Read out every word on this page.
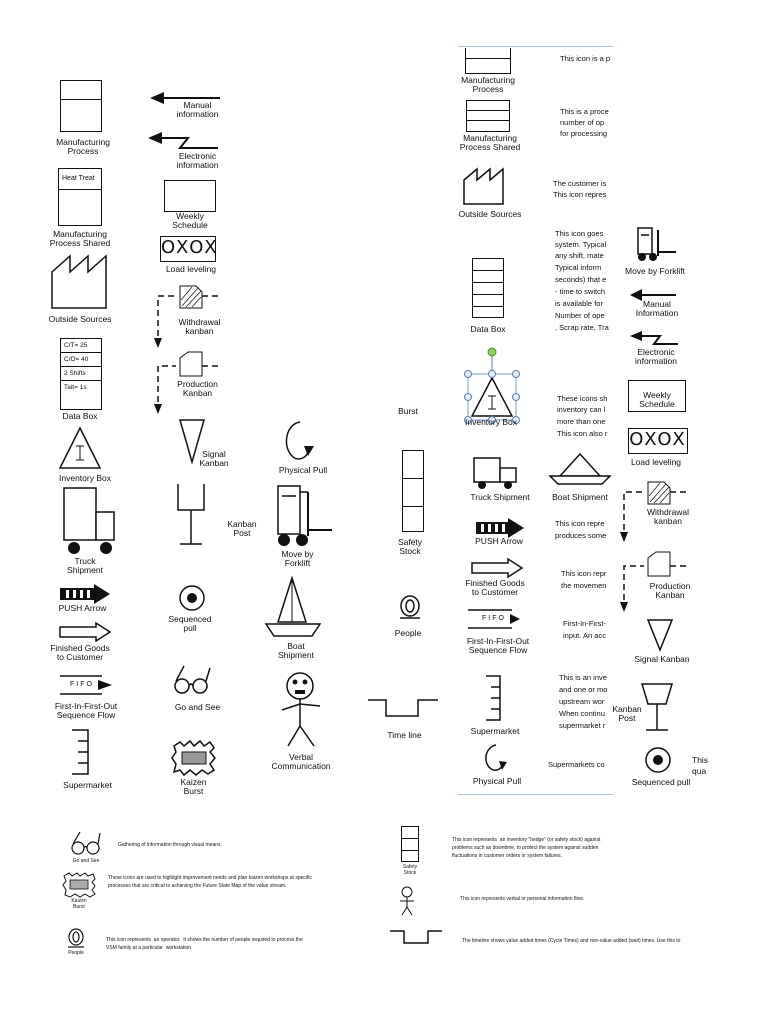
Manufacturing
Process
Manual
information
Electronic
information
Heat Treat
Manufacturing
Process Shared
Weekly
Schedule
OXOX
Load leveling
Outside Sources	Withdrawal
kanban
C/T= 25
C/O= 40
2 Shifts
Tait= 1s
Data Box
Production
Kanban
Inventory Box
Signal
Kanban
Physical Pull
Truck
Shipment
Kanban
Post
Move by
Forklift
PUSH Arrow
Sequenced
pull
Boat
Shipment
Finished Goods
to Customer
FIFO
First-In-First-Out
Sequence Flow
Go and See
Verbal
Communication
Supermarket	Kaizen
Burst
Burst
Safety
Stock
People
Time line
Manufacturing
Process
This icon is a p
Manufacturing
Process Shared
This is a proce
number of op
for processing
Outside Sources
The customer is
This icon repres
Data Box
This icon goes
system. Typical
any shift, mate
Typical inform
seconds) that e
- time to switch
is available for
Number of ope
, Scrap rate, Tra
Inventory Box
These icons sh
inventory can l
more than one
This icon also r
Truck Shipment	Boat Shipment
PUSH Arrow
This icon repre
produces some
Finished Goods
to Customer
This icon repr
the movemen
FIFO
First-In-First-Out
Sequence Flow
First-In-First-
input. An acc
Supermarket
This is an inve
and one or mo
upstream wor
When continu
supermarket r
Physical Pull
Supermarkets co
Move by Forklift
Manual
Information
Electronic
information
Weekly
Schedule
OXOX
Load leveling
Withdrawal
kanban
Production
Kanban
Signal Kanban
Kanban
Post
Sequenced pull
This
qua
Go and See
Gathering of information through visual means.
Kaizen
Burst
These icons are used to highlight improvement needs and plan kaizen workshops at specific
processes that are critical to achieving the Future State Map of the value stream.
People
This icon represents  an operator.  It shows the number of people required to process the
VSM family at a particular  workstation.
Safety
Stock
This icon represents  an inventory "hedge" (or safety stock) against
problems such as downtime, to protect the system against sudden
fluctuations in customer orders or system failures.
This icon represents verbal or personal information flow.
The timeline shows value added times (Cycle Times) and non-value added (wait) times. Use this to
